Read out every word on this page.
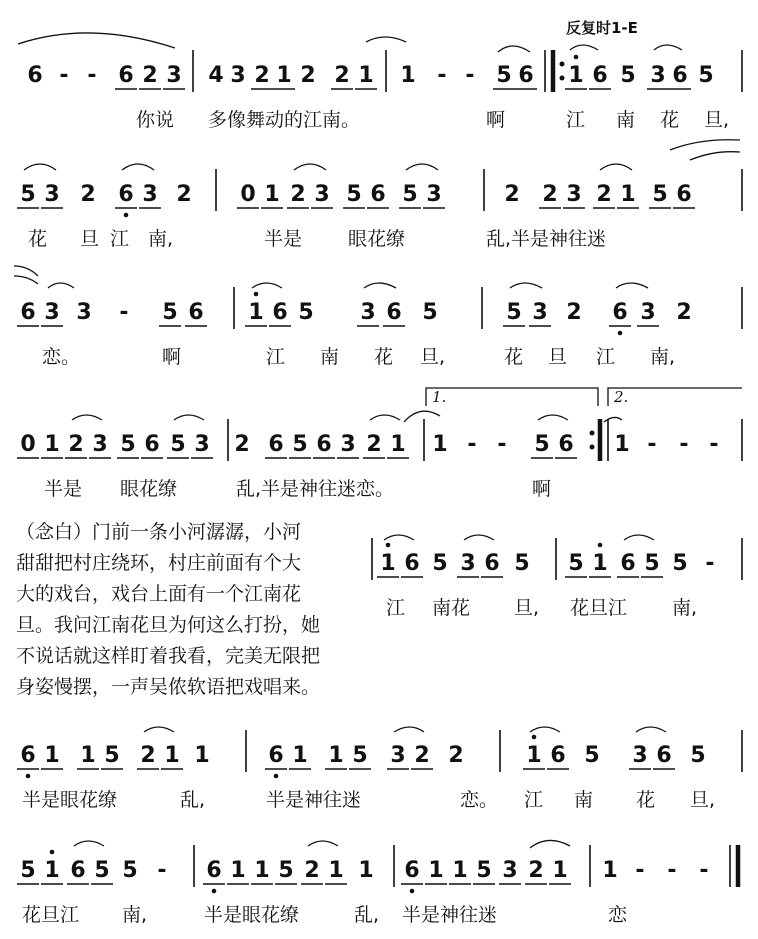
反复时1-E
（念白）门前一条小河潺潺，小河
甜甜把村庄绕环，村庄前面有个大
大的戏台，戏台上面有一个江南花
旦。我问江南花旦为何这么打扮，她
不说话就这样盯着我看，完美无限把
身姿慢摆，一声吴侬软语把戏唱来。
1.	2.
6 - - 6 2 3 4 3 2 1 2 2 1 1 - - 5 6 1 6 5 3 6 5
5 3 2 6 3 2 0 1 2 3 5 6 5 3	2 2 3 2 1 5 6
6 3 3 - 5 6 1 6 5 3 6 5	5 3 2 6 3 2
0 1 2 3 5 6 5 3 2 6 5 6 3 2 1 1 - - 5 6 1 - - -
1 6 5 3 6 5 5 1 6 5 5 -
6 1 1 5 2 1 1	6 1 1 5 3 2 2	1 6 5 3 6 5
5 1 6 5 5 - 6 1 1 5 2 1 1 6 1 1 5 3 2 1 1 - - -
你说 多像舞动的江南。	啊	江 南 花 旦,
花 旦 江 南,	半是 眼花缭	乱,半是神往迷
恋。	啊	江 南 花 旦,	花 旦 江 南,
半是 眼花缭	乱,半是神往迷恋。	啊
江 南花 旦, 花旦江 南,
半是眼花缭	乱,	半是神往迷	恋。 江 南 花 旦,
花旦江 南,	半是眼花缭	乱, 半是神往迷	恋
